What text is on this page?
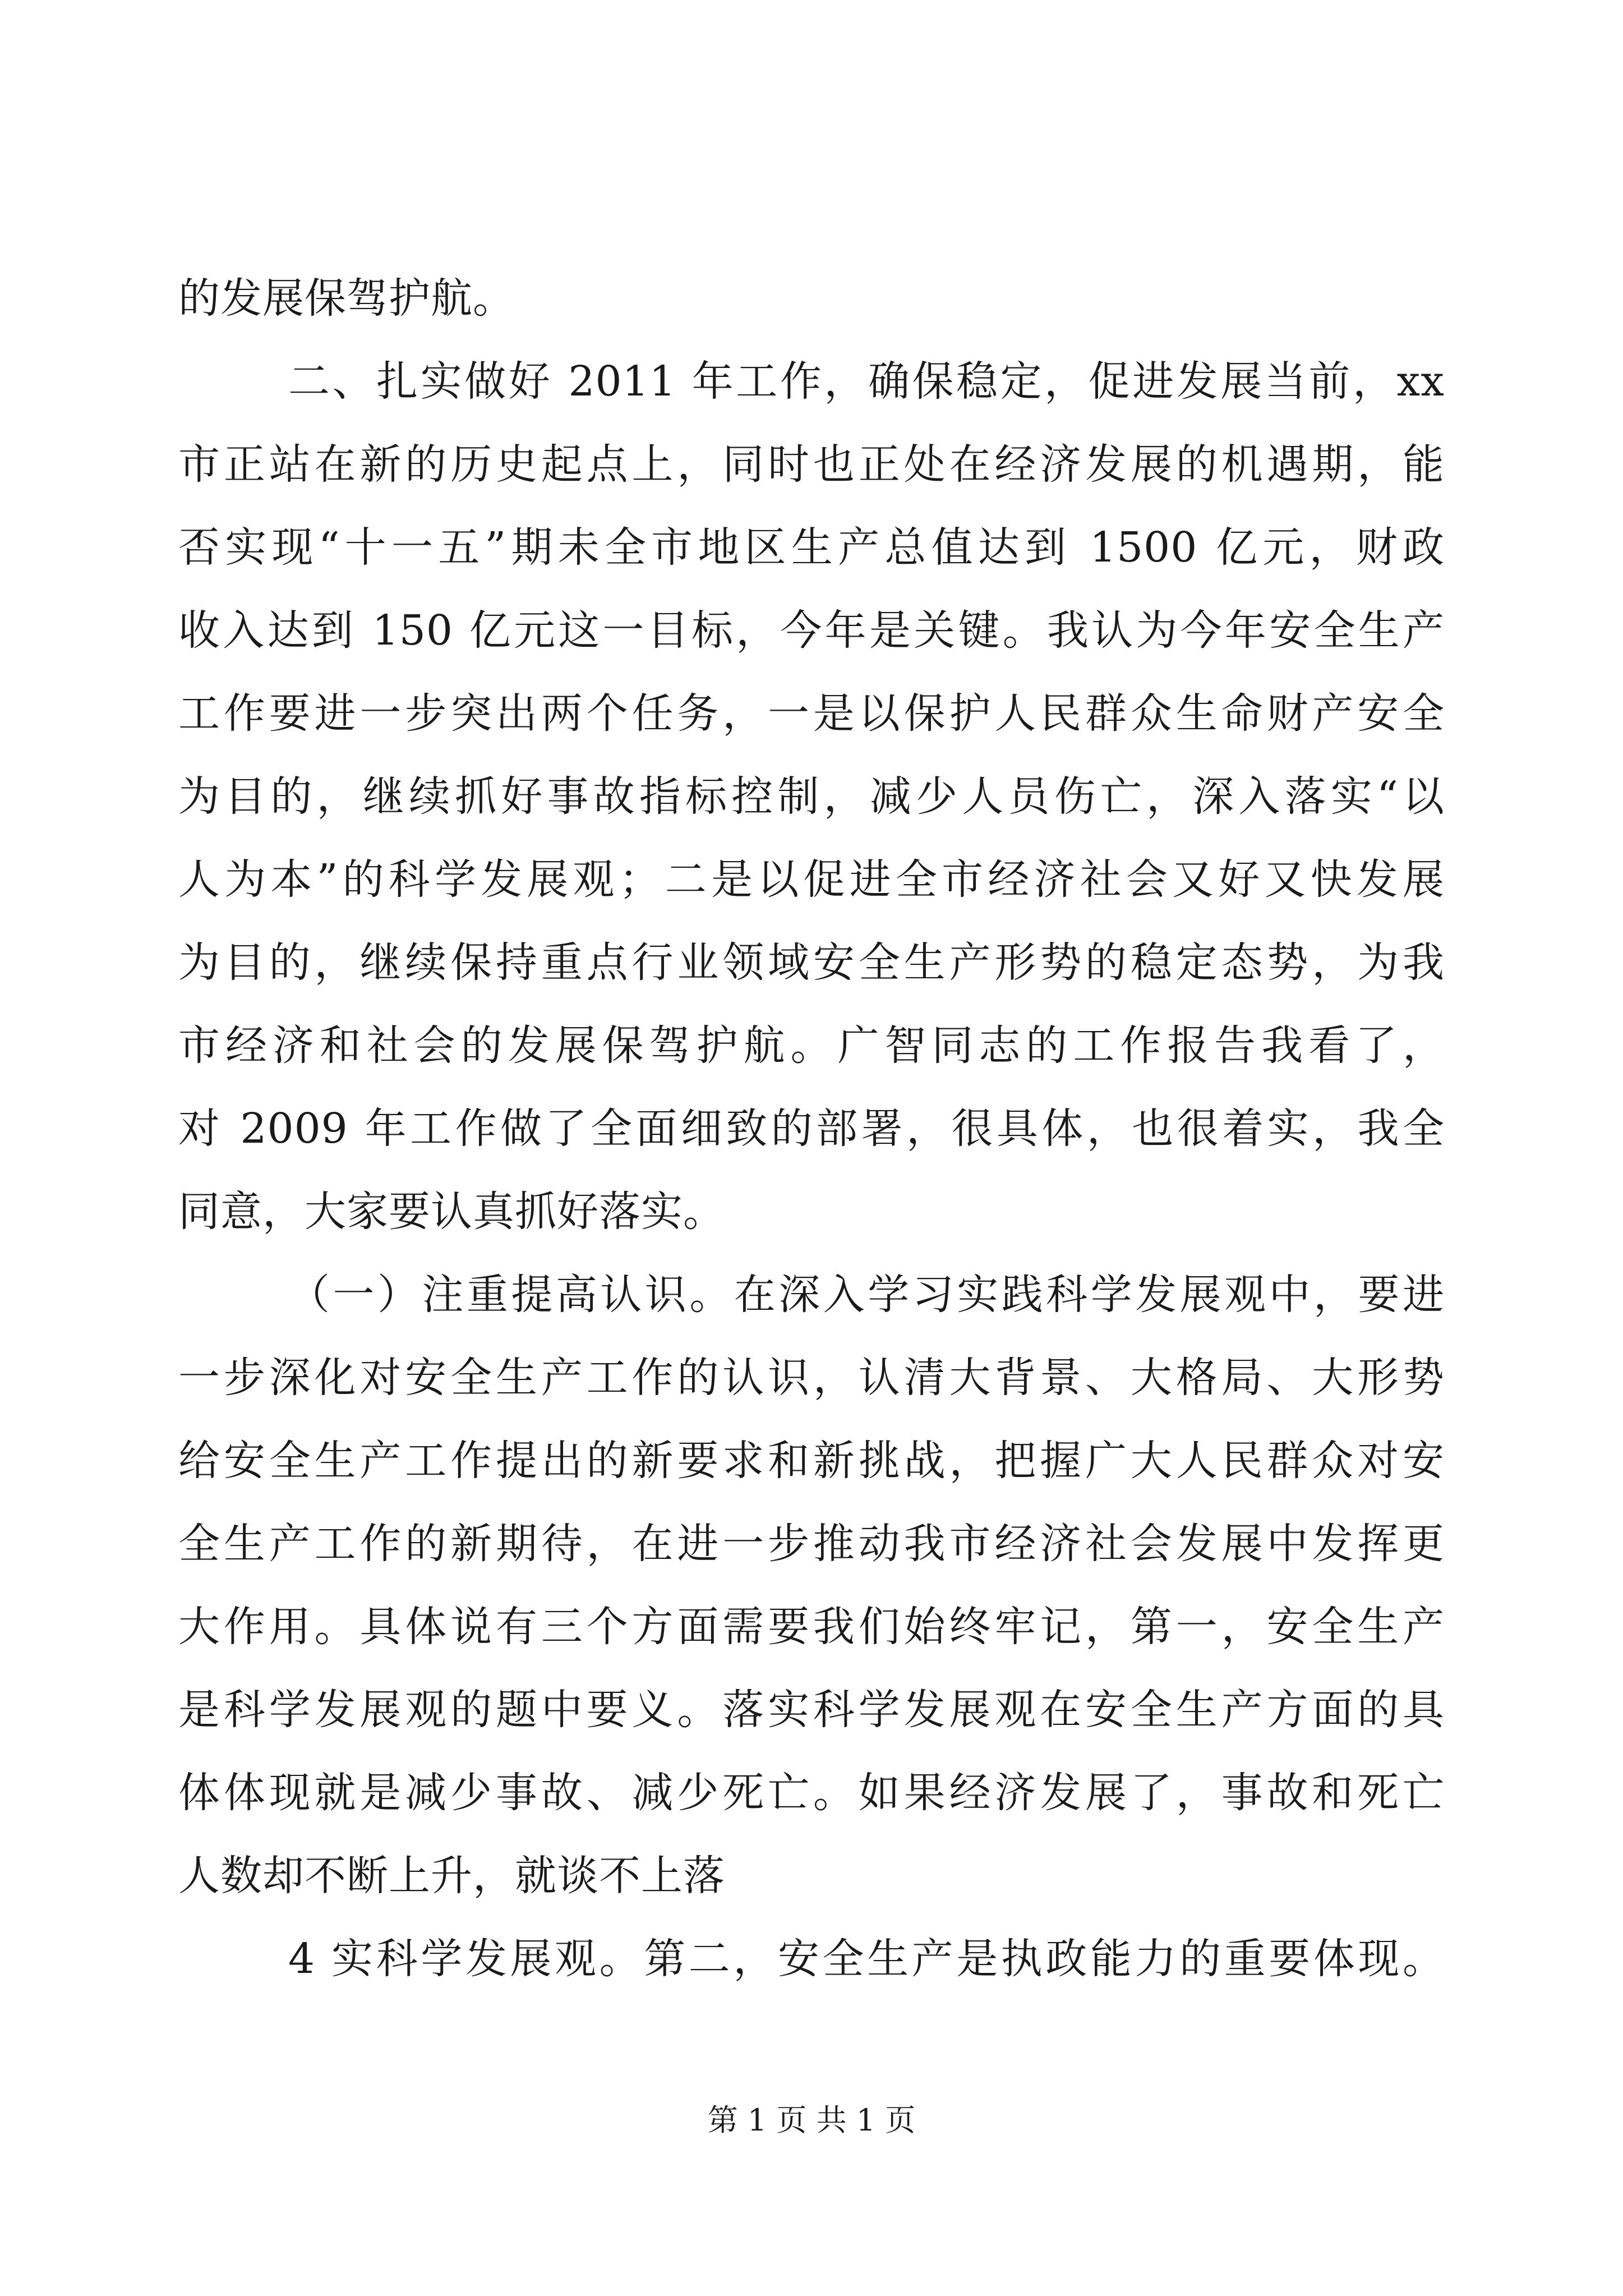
的发展保驾护航。
二、扎实做好 2011 年工作，确保稳定，促进发展当前，xx
市正站在新的历史起点上，同时也正处在经济发展的机遇期，能
否实现“十一五”期未全市地区生产总值达到 1500 亿元，财政
收入达到 150 亿元这一目标，今年是关键。我认为今年安全生产
工作要进一步突出两个任务，一是以保护人民群众生命财产安全
为目的，继续抓好事故指标控制，减少人员伤亡，深入落实“以
人为本”的科学发展观；二是以促进全市经济社会又好又快发展
为目的，继续保持重点行业领域安全生产形势的稳定态势，为我
市经济和社会的发展保驾护航。广智同志的工作报告我看了，
对 2009 年工作做了全面细致的部署，很具体，也很着实，我全
同意，大家要认真抓好落实。
（一）注重提高认识。在深入学习实践科学发展观中，要进
一步深化对安全生产工作的认识，认清大背景、大格局、大形势
给安全生产工作提出的新要求和新挑战，把握广大人民群众对安
全生产工作的新期待，在进一步推动我市经济社会发展中发挥更
大作用。具体说有三个方面需要我们始终牢记，第一，安全生产
是科学发展观的题中要义。落实科学发展观在安全生产方面的具
体体现就是减少事故、减少死亡。如果经济发展了，事故和死亡
人数却不断上升，就谈不上落
4 实科学发展观。第二，安全生产是执政能力的重要体现。
第 1 页 共 1 页
